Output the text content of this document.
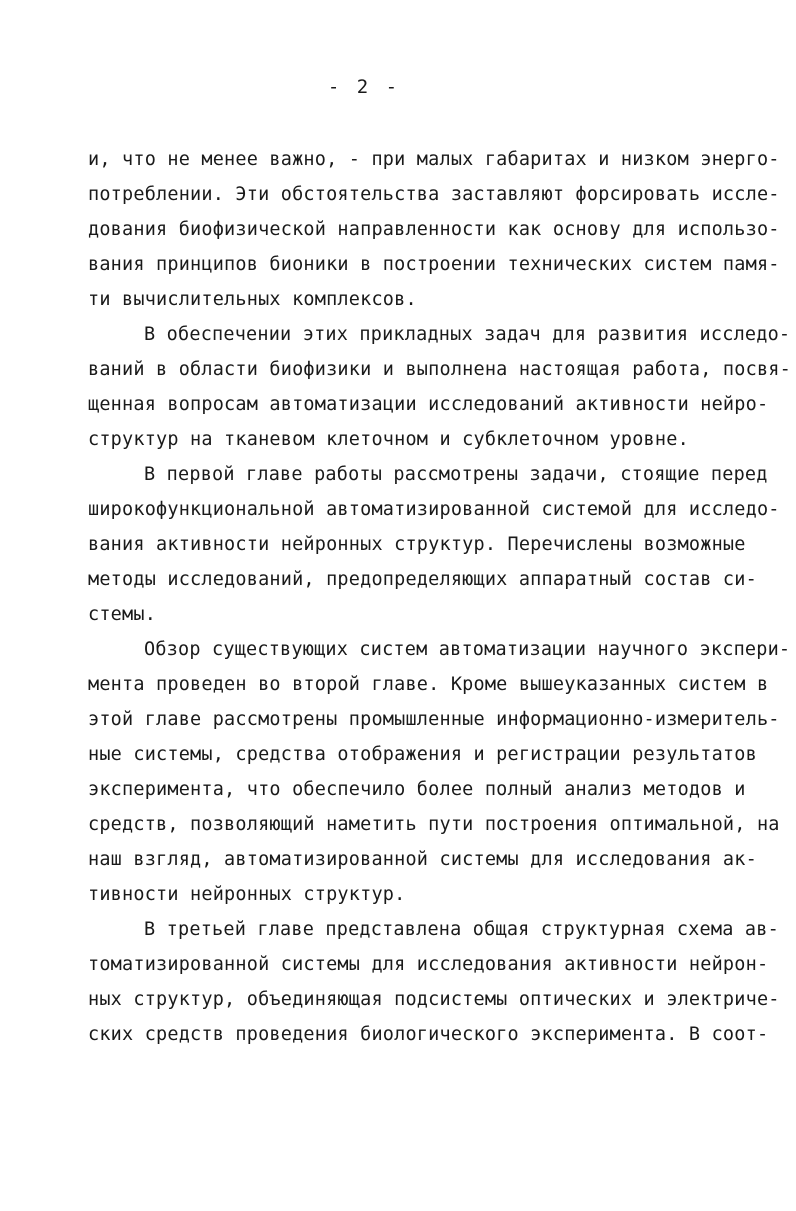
- 2 -
и, что не менее важно, - при малых габаритах и низком энерго-
потреблении. Эти обстоятельства заставляют форсировать иссле-
дования биофизической направленности как основу для использо-
вания принципов бионики в построении технических систем памя-
ти вычислительных комплексов.
В обеспечении этих прикладных задач для развития исследо-
ваний в области биофизики и выполнена настоящая работа, посвя-
щенная вопросам автоматизации исследований активности нейро-
структур на тканевом клеточном и субклеточном уровне.
В первой главе работы рассмотрены задачи, стоящие перед
широкофункциональной автоматизированной системой для исследо-
вания активности нейронных структур. Перечислены возможные
методы исследований, предопределяющих аппаратный состав си-
стемы.
Обзор существующих систем автоматизации научного экспери-
мента проведен во второй главе. Кроме вышеуказанных систем в
этой главе рассмотрены промышленные информационно-измеритель-
ные системы, средства отображения и регистрации результатов
эксперимента, что обеспечило более полный анализ методов и
средств, позволяющий наметить пути построения оптимальной, на
наш взгляд, автоматизированной системы для исследования ак-
тивности нейронных структур.
В третьей главе представлена общая структурная схема ав-
томатизированной системы для исследования активности нейрон-
ных структур, объединяющая подсистемы оптических и электриче-
ских средств проведения биологического эксперимента. В соот-
